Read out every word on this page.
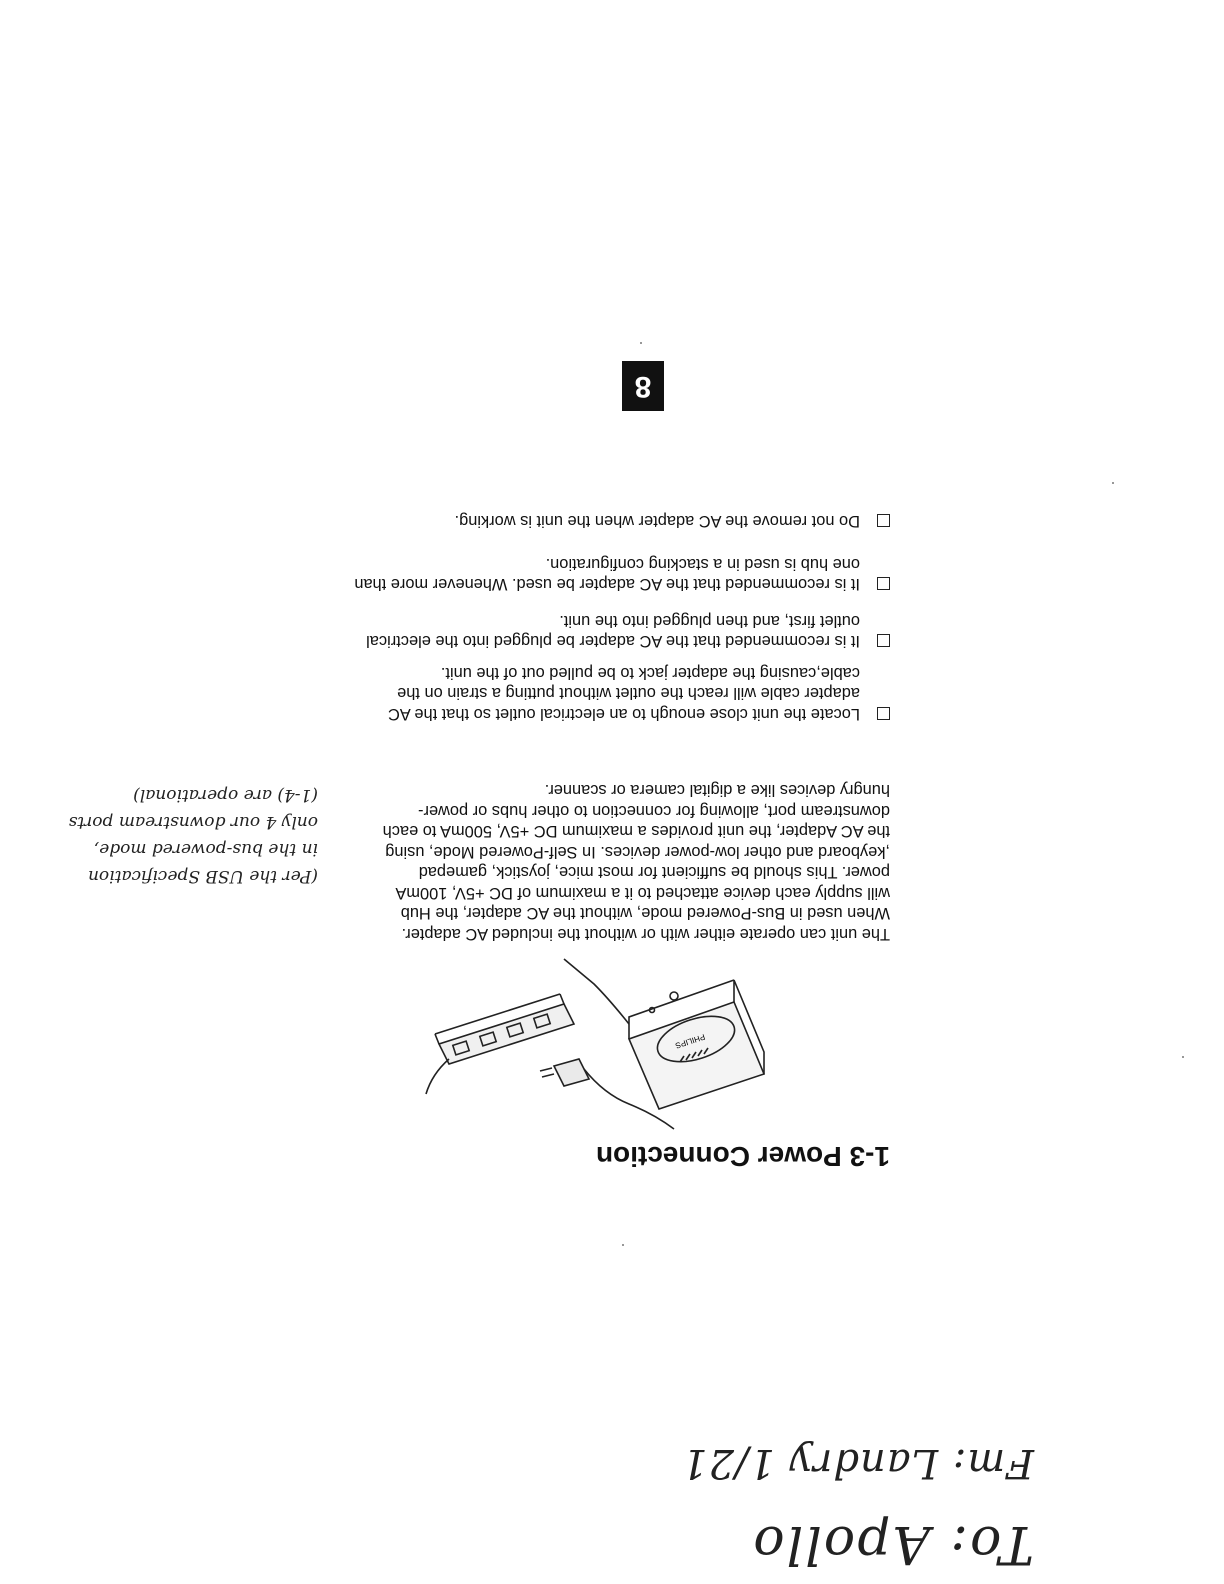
To: Apollo
Fm: Landry 1/21
1-3 Power Connection
PHILIPS

The unit can operate either with or without the included AC adapter. When used in Bus-Powered mode, without the AC adapter, the Hub will supply each device attached to it a maximum of DC +5V, 100mA power. This should be sufficient for most mice, joystick, gamepad ,keyboard and other low-power devices. In Self-Powered Mode, using the AC Adapter, the unit provides a maximum DC +5V, 500mA to each downstream port, allowing for connection to other hubs or power-hungry devices like a digital camera or scanner.

(Per the USB Specification
in the bus-powered mode,
only 4 our downstream ports
(1-4) are operational)
Locate the unit close enough to an electrical outlet so that the AC adapter cable will reach the outlet without putting a strain on the cable,causing the adapter jack to be pulled out of the unit.
It is recommended that the AC adapter be plugged into the electrical outlet first, and then plugged into the unit.
It is recommended that the AC adapter be used. Whenever more than one hub is used in a stacking configuration.
Do not remove the AC adapter when the unit is working.
8
